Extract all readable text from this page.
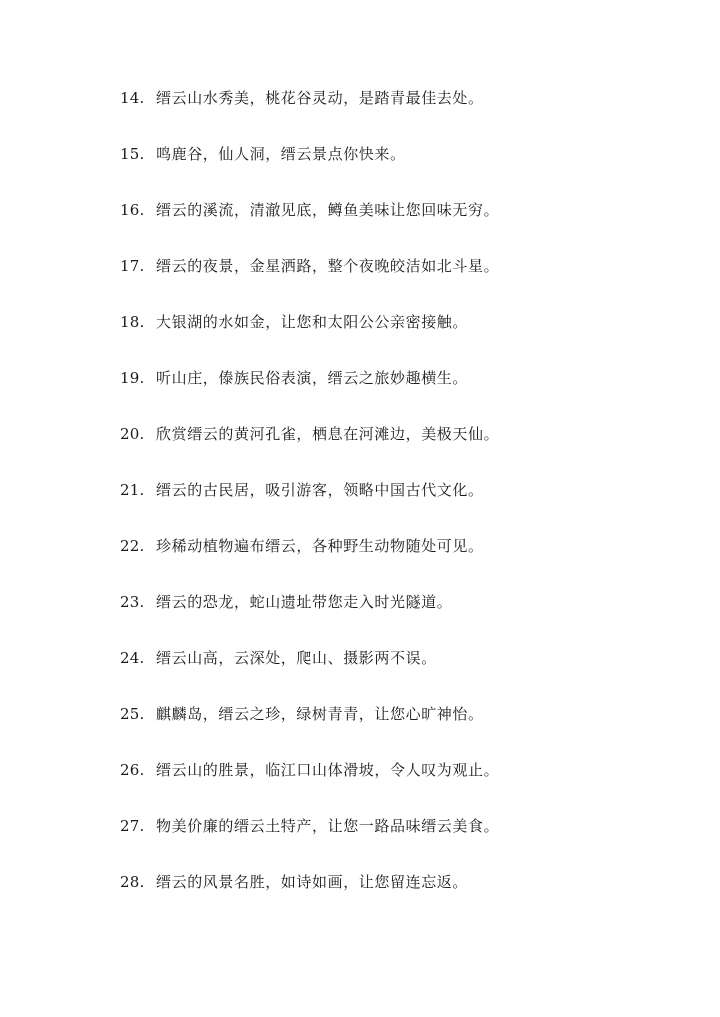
14. 缙云山水秀美，桃花谷灵动，是踏青最佳去处。
15. 鸣鹿谷，仙人洞，缙云景点你快来。
16. 缙云的溪流，清澈见底，鳟鱼美味让您回味无穷。
17. 缙云的夜景，金星洒路，整个夜晚皎洁如北斗星。
18. 大银湖的水如金，让您和太阳公公亲密接触。
19. 听山庄，傣族民俗表演，缙云之旅妙趣横生。
20. 欣赏缙云的黄河孔雀，栖息在河滩边，美极天仙。
21. 缙云的古民居，吸引游客，领略中国古代文化。
22. 珍稀动植物遍布缙云，各种野生动物随处可见。
23. 缙云的恐龙，蛇山遗址带您走入时光隧道。
24. 缙云山高，云深处，爬山、摄影两不误。
25. 麒麟岛，缙云之珍，绿树青青，让您心旷神怡。
26. 缙云山的胜景，临江口山体滑坡，令人叹为观止。
27. 物美价廉的缙云土特产，让您一路品味缙云美食。
28. 缙云的风景名胜，如诗如画，让您留连忘返。
